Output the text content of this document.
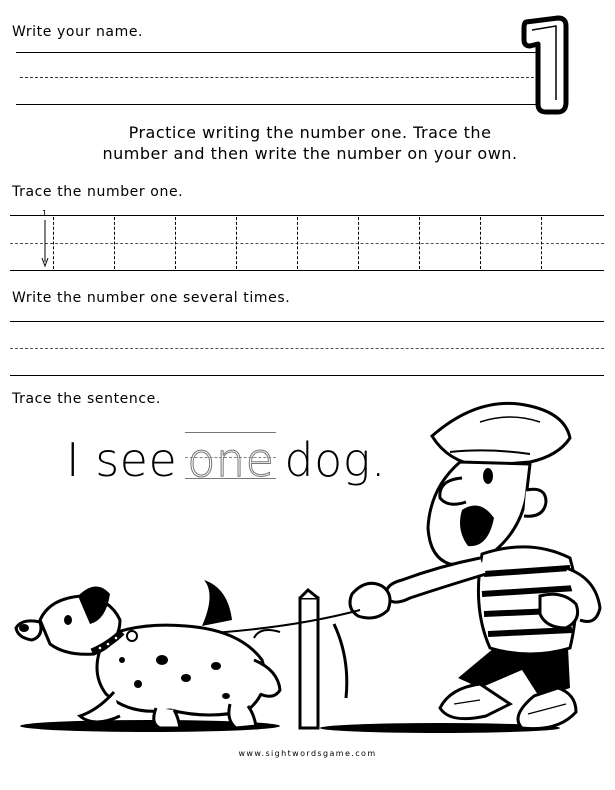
Write your name.
Practice writing the number one. Trace the
number and then write the number on your own.
Trace the number one.
1
Write the number one several times.
Trace the sentence.
I see one dog.
www.sightwordsgame.com
